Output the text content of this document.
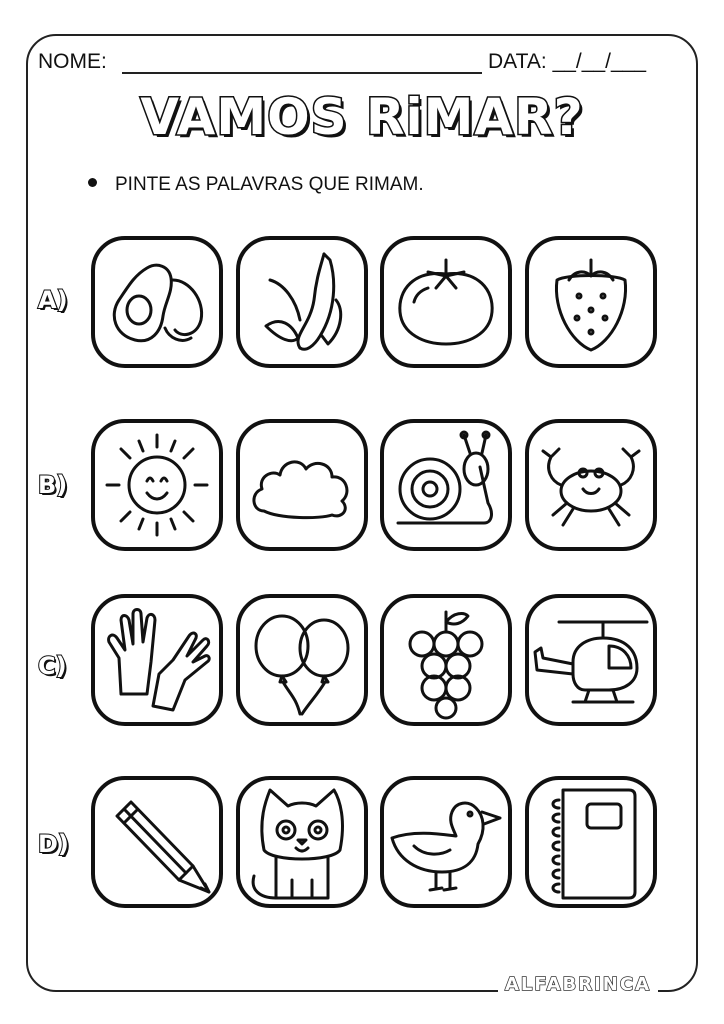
NOME:	DATA: __/__/___
VAMOS RiMAR?
PINTE AS PALAVRAS QUE RIMAM.
A)
B)
C)
D)
ALFABRINCA
